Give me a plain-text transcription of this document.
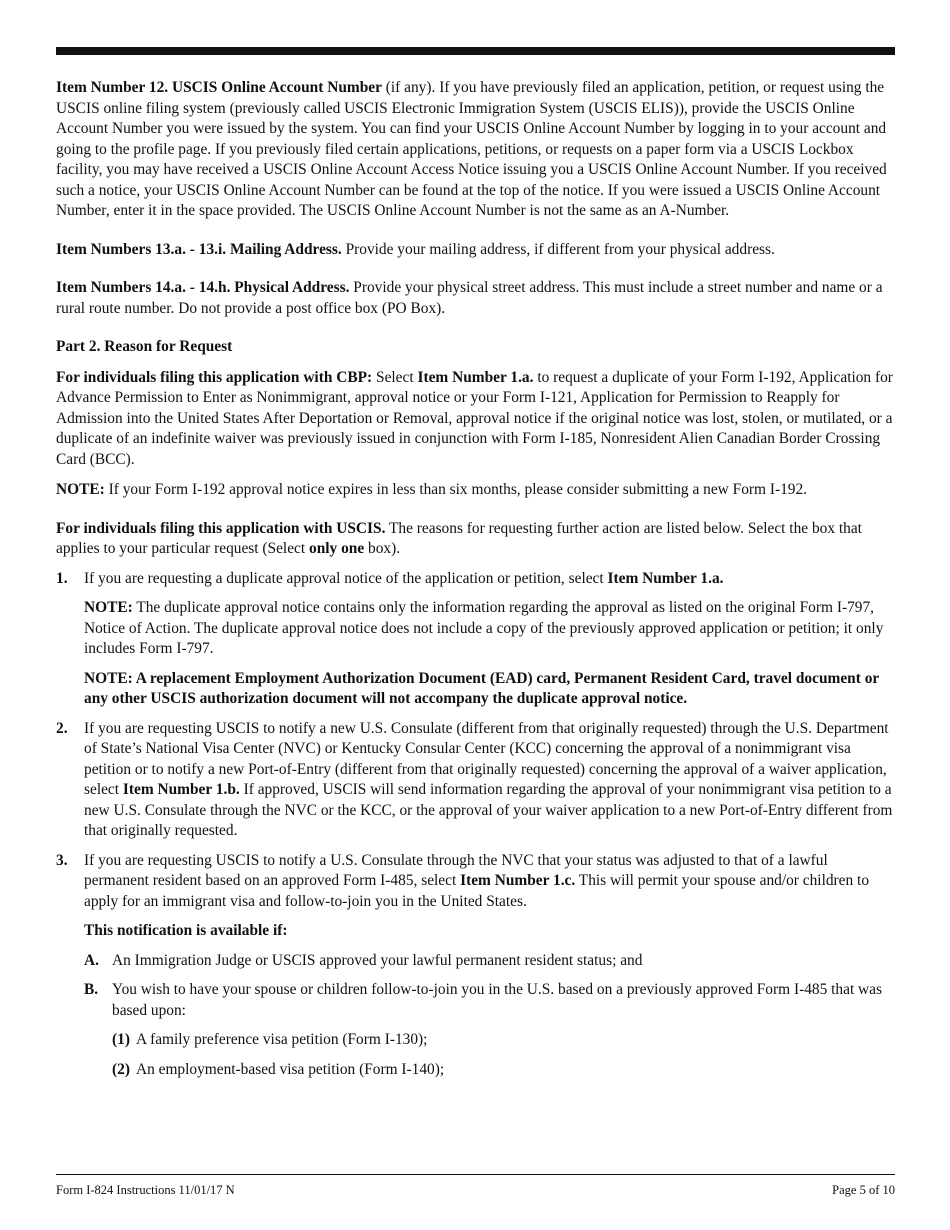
Item Number 12. USCIS Online Account Number (if any). If you have previously filed an application, petition, or request using the USCIS online filing system (previously called USCIS Electronic Immigration System (USCIS ELIS)), provide the USCIS Online Account Number you were issued by the system. You can find your USCIS Online Account Number by logging in to your account and going to the profile page. If you previously filed certain applications, petitions, or requests on a paper form via a USCIS Lockbox facility, you may have received a USCIS Online Account Access Notice issuing you a USCIS Online Account Number. If you received such a notice, your USCIS Online Account Number can be found at the top of the notice. If you were issued a USCIS Online Account Number, enter it in the space provided. The USCIS Online Account Number is not the same as an A-Number.

Item Numbers 13.a. - 13.i. Mailing Address. Provide your mailing address, if different from your physical address.

Item Numbers 14.a. - 14.h. Physical Address. Provide your physical street address. This must include a street number and name or a rural route number. Do not provide a post office box (PO Box).

Part 2. Reason for Request

For individuals filing this application with CBP: Select Item Number 1.a. to request a duplicate of your Form I-192, Application for Advance Permission to Enter as Nonimmigrant, approval notice or your Form I-121, Application for Permission to Reapply for Admission into the United States After Deportation or Removal, approval notice if the original notice was lost, stolen, or mutilated, or a duplicate of an indefinite waiver was previously issued in conjunction with Form I-185, Nonresident Alien Canadian Border Crossing Card (BCC).

NOTE: If your Form I-192 approval notice expires in less than six months, please consider submitting a new Form I-192.

For individuals filing this application with USCIS. The reasons for requesting further action are listed below. Select the box that applies to your particular request (Select only one box).

1.	If you are requesting a duplicate approval notice of the application or petition, select Item Number 1.a.

NOTE: The duplicate approval notice contains only the information regarding the approval as listed on the original Form I-797, Notice of Action. The duplicate approval notice does not include a copy of the previously approved application or petition; it only includes Form I-797.

NOTE: A replacement Employment Authorization Document (EAD) card, Permanent Resident Card, travel document or any other USCIS authorization document will not accompany the duplicate approval notice.

2.	If you are requesting USCIS to notify a new U.S. Consulate (different from that originally requested) through the U.S. Department of State’s National Visa Center (NVC) or Kentucky Consular Center (KCC) concerning the approval of a nonimmigrant visa petition or to notify a new Port-of-Entry (different from that originally requested) concerning the approval of a waiver application, select Item Number 1.b. If approved, USCIS will send information regarding the approval of your nonimmigrant visa petition to a new U.S. Consulate through the NVC or the KCC, or the approval of your waiver application to a new Port-of-Entry different from that originally requested.
3.	If you are requesting USCIS to notify a U.S. Consulate through the NVC that your status was adjusted to that of a lawful permanent resident based on an approved Form I-485, select Item Number 1.c. This will permit your spouse and/or children to apply for an immigrant visa and follow-to-join you in the United States.

This notification is available if:

A. An Immigration Judge or USCIS approved your lawful permanent resident status; and
B. You wish to have your spouse or children follow-to-join you in the U.S. based on a previously approved Form I-485 that was based upon:
(1) A family preference visa petition (Form I-130);
(2) An employment-based visa petition (Form I-140);
Form I-824 Instructions 11/01/17 N	Page 5 of 10
